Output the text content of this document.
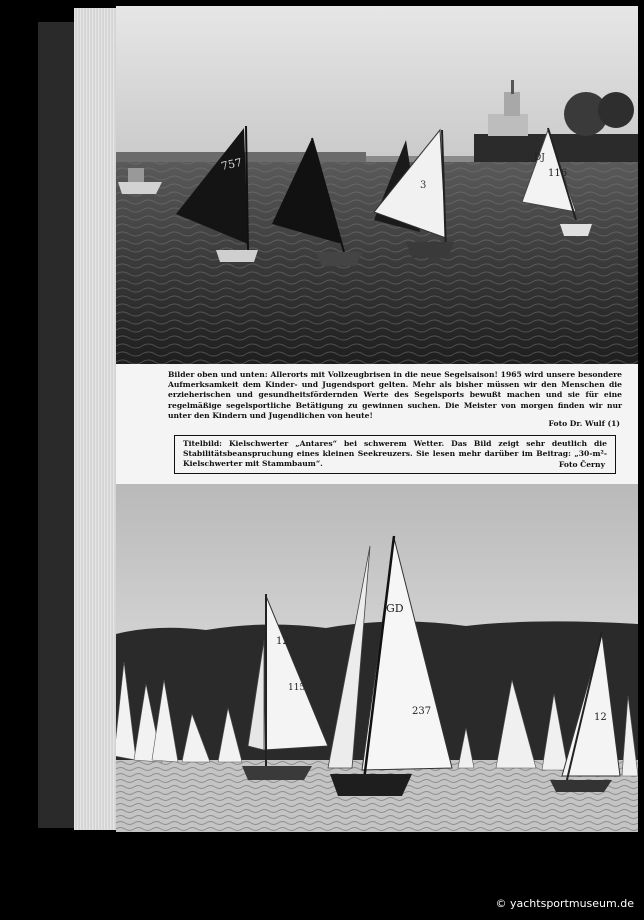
757
3
DJ
116
Bilder oben und unten: Allerorts mit Vollzeugbrisen in die neue Segelsaison! 1965 wird unsere besondere Aufmerksamkeit dem Kinder- und Jugendsport gelten. Mehr als bisher müssen wir den Menschen die erzieherischen und gesundheitsfördernden Werte des Segelsports bewußt machen und sie für eine regelmäßige segelsportliche Betätigung zu gewinnen suchen. Die Meister von morgen finden wir nur unter den Kindern und Jugendlichen von heute!
Foto Dr. Wulf (1)
Titelbild: Kielschwerter „Antares“ bei schwerem Wetter. Das Bild zeigt sehr deutlich die Stabilitätsbeanspruchung eines kleinen Seekreuzers. Sie lesen mehr darüber im Beitrag: „30-m²-Kielschwerter mit Stammbaum“.	Foto Černy
12
115
GD
237
12
© yachtsportmuseum.de
